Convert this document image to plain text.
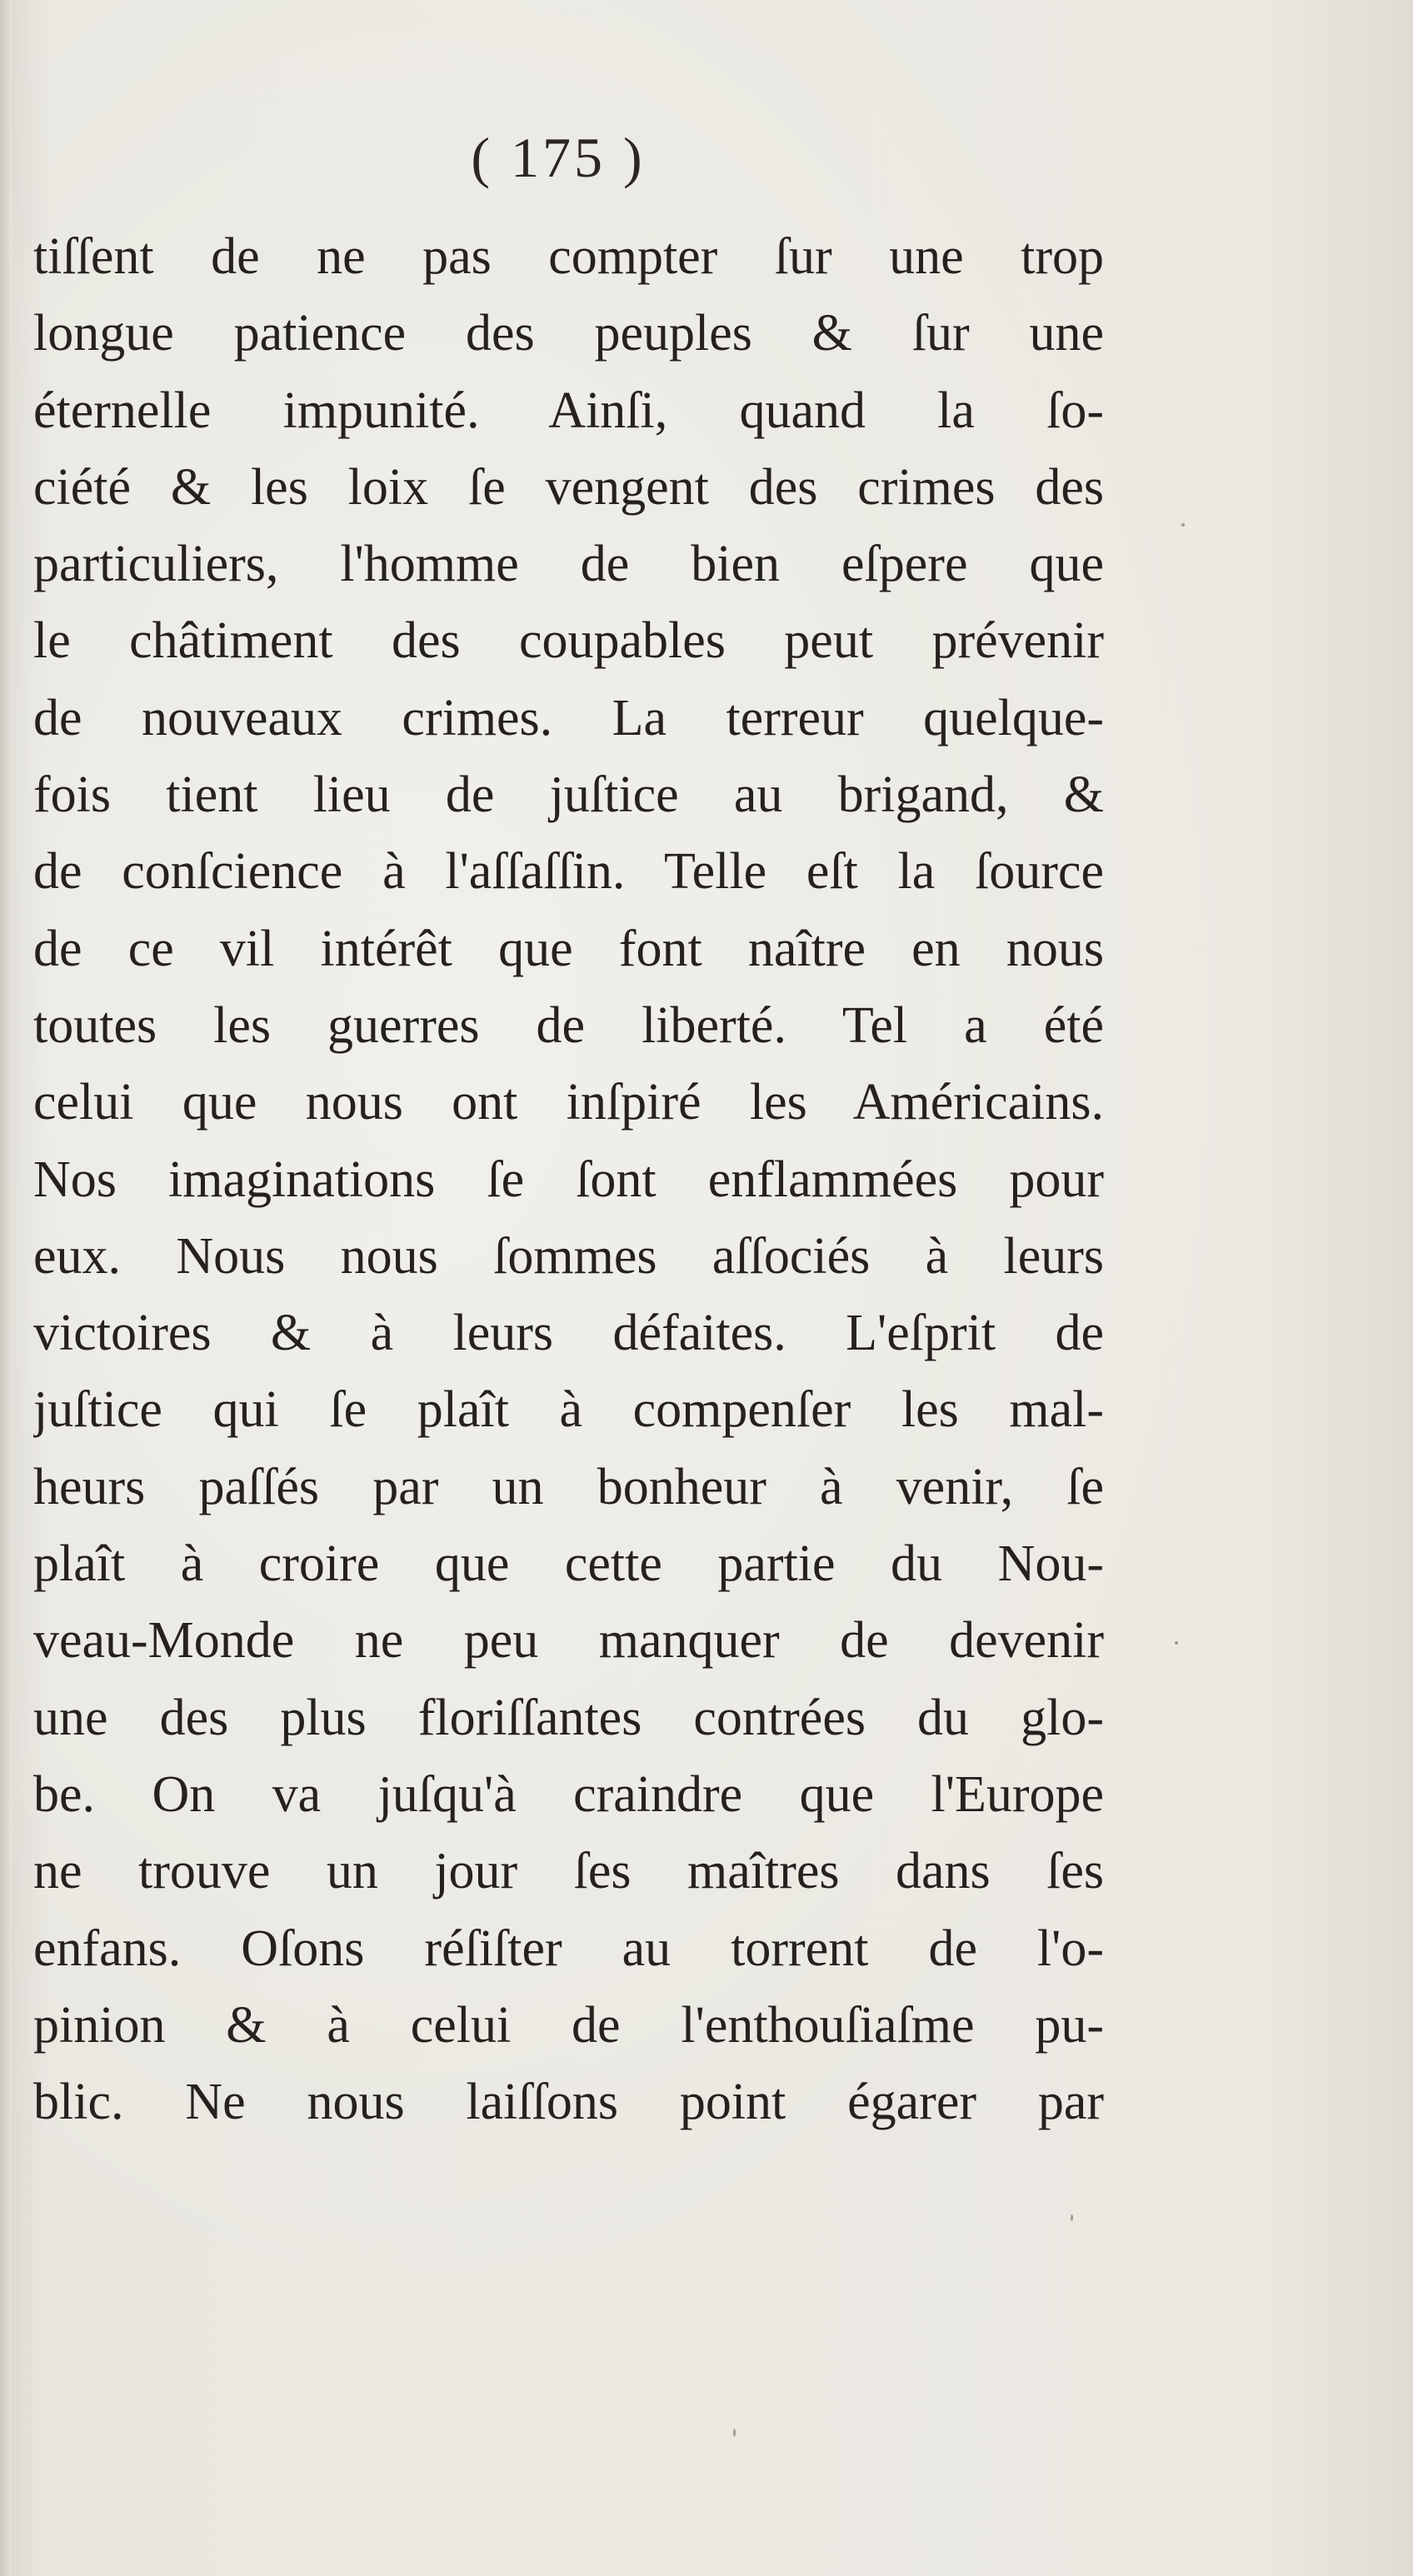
( 175 )
tiſſent de ne pas compter ſur une trop
longue patience des peuples & ſur une
éternelle impunité. Ainſi, quand la ſo-
ciété & les loix ſe vengent des crimes des
particuliers, l'homme de bien eſpere que
le châtiment des coupables peut prévenir
de nouveaux crimes. La terreur quelque-
fois tient lieu de juſtice au brigand, &
de conſcience à l'aſſaſſin. Telle eſt la ſource
de ce vil intérêt que font naître en nous
toutes les guerres de liberté. Tel a été
celui que nous ont inſpiré les Américains.
Nos imaginations ſe ſont enflammées pour
eux. Nous nous ſommes aſſociés à leurs
victoires & à leurs défaites. L'eſprit de
juſtice qui ſe plaît à compenſer les mal-
heurs paſſés par un bonheur à venir, ſe
plaît à croire que cette partie du Nou-
veau-Monde ne peu manquer de devenir
une des plus floriſſantes contrées du glo-
be. On va juſqu'à craindre que l'Europe
ne trouve un jour ſes maîtres dans ſes
enfans. Oſons réſiſter au torrent de l'o-
pinion & à celui de l'enthouſiaſme pu-
blic. Ne nous laiſſons point égarer par
